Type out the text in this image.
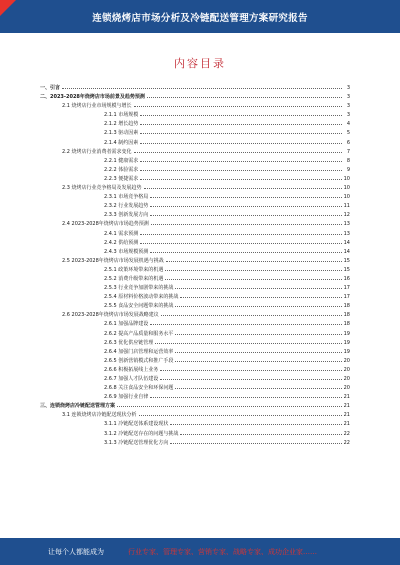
连锁烧烤店市场分析及冷链配送管理方案研究报告
内容目录
一、引言	3
二、2023-2028年烧烤店市场前景及趋势预测	3
2.1 烧烤店行业市场规模与增长	3
2.1.1 市场规模	3
2.1.2 增长趋势	4
2.1.3 驱动因素	5
2.1.4 制约因素	6
2.2 烧烤店行业消费者需求变化	7
2.2.1 健康需求	8
2.2.2 体验需求	9
2.2.3 便捷需求	10
2.3 烧烤店行业竞争格局及发展趋势	10
2.3.1 市场竞争格局	10
2.3.2 行业发展趋势	11
2.3.3 创新发展方向	12
2.4 2023-2028年烧烤店市场趋势预测	13
2.4.1 需求预测	13
2.4.2 供给预测	14
2.4.3 市场规模预测	14
2.5 2023-2028年烧烤店市场发展机遇与挑战	15
2.5.1 政策环境带来的机遇	15
2.5.2 消费升级带来的机遇	16
2.5.3 行业竞争加剧带来的挑战	17
2.5.4 原材料价格波动带来的挑战	17
2.5.5 食品安全问题带来的挑战	18
2.6 2023-2028年烧烤店市场发展战略建议	18
2.6.1 加强品牌建设	18
2.6.2 提高产品质量和服务水平	19
2.6.3 优化供应链管理	19
2.6.4 加强门店管理和运营效率	19
2.6.5 创新营销模式和推广手段	20
2.6.6 积极拓展线上业务	20
2.6.7 加强人才队伍建设	20
2.6.8 关注食品安全和环保问题	20
2.6.9 加强行业自律	21
三、连锁烧烤店冷链配送管理方案	21
3.1 连锁烧烤店冷链配送现状分析	21
3.1.1 冷链配送体系建设现状	21
3.1.2 冷链配送存在的问题与挑战	22
3.1.3 冷链配送管理优化方向	22
让每个人都能成为	行业专家、管理专家、营销专家、战略专家、成功企业家……
